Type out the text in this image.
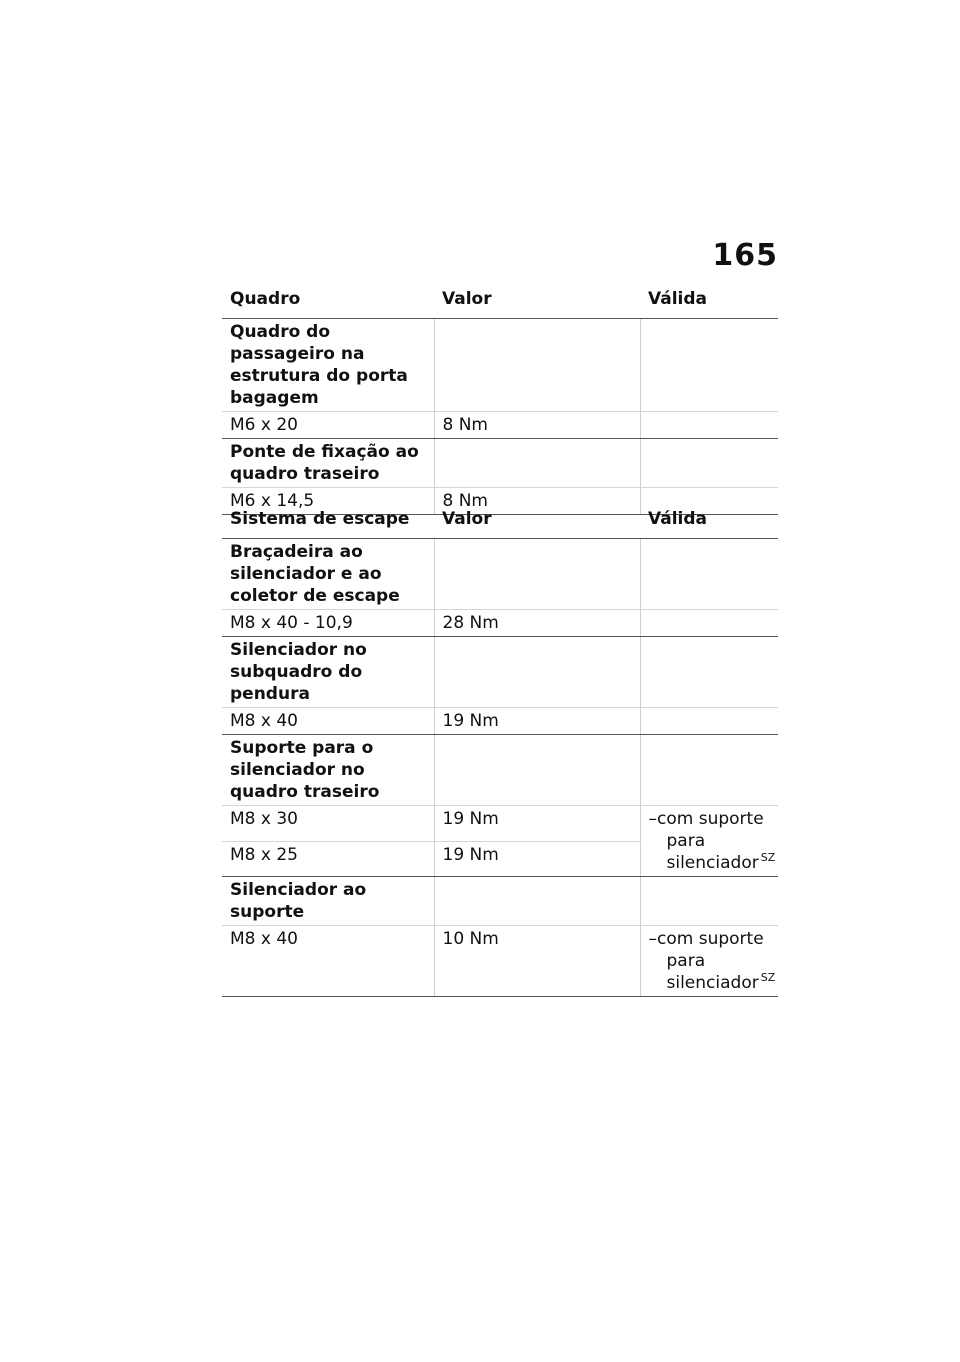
165
Quadro	Valor	Válida
Quadro do passageiro na estrutura do porta bagagem		
M6 x 20	8 Nm	
Ponte de fixação ao quadro traseiro		
M6 x 14,5	8 Nm	
Sistema de escape	Valor	Válida
Braçadeira ao silenciador e ao coletor de escape		
M8 x 40 - 10,9	28 Nm	
Silenciador no subquadro do pendura		
M8 x 40	19 Nm	
Suporte para o silenciador no quadro traseiro		
M8 x 30	19 Nm	–com suporte para silenciador $^{SZ}$

M8 x 25	19 Nm	
Silenciador ao suporte		
M8 x 40	10 Nm	–com suporte para silenciador $^{SZ}$
